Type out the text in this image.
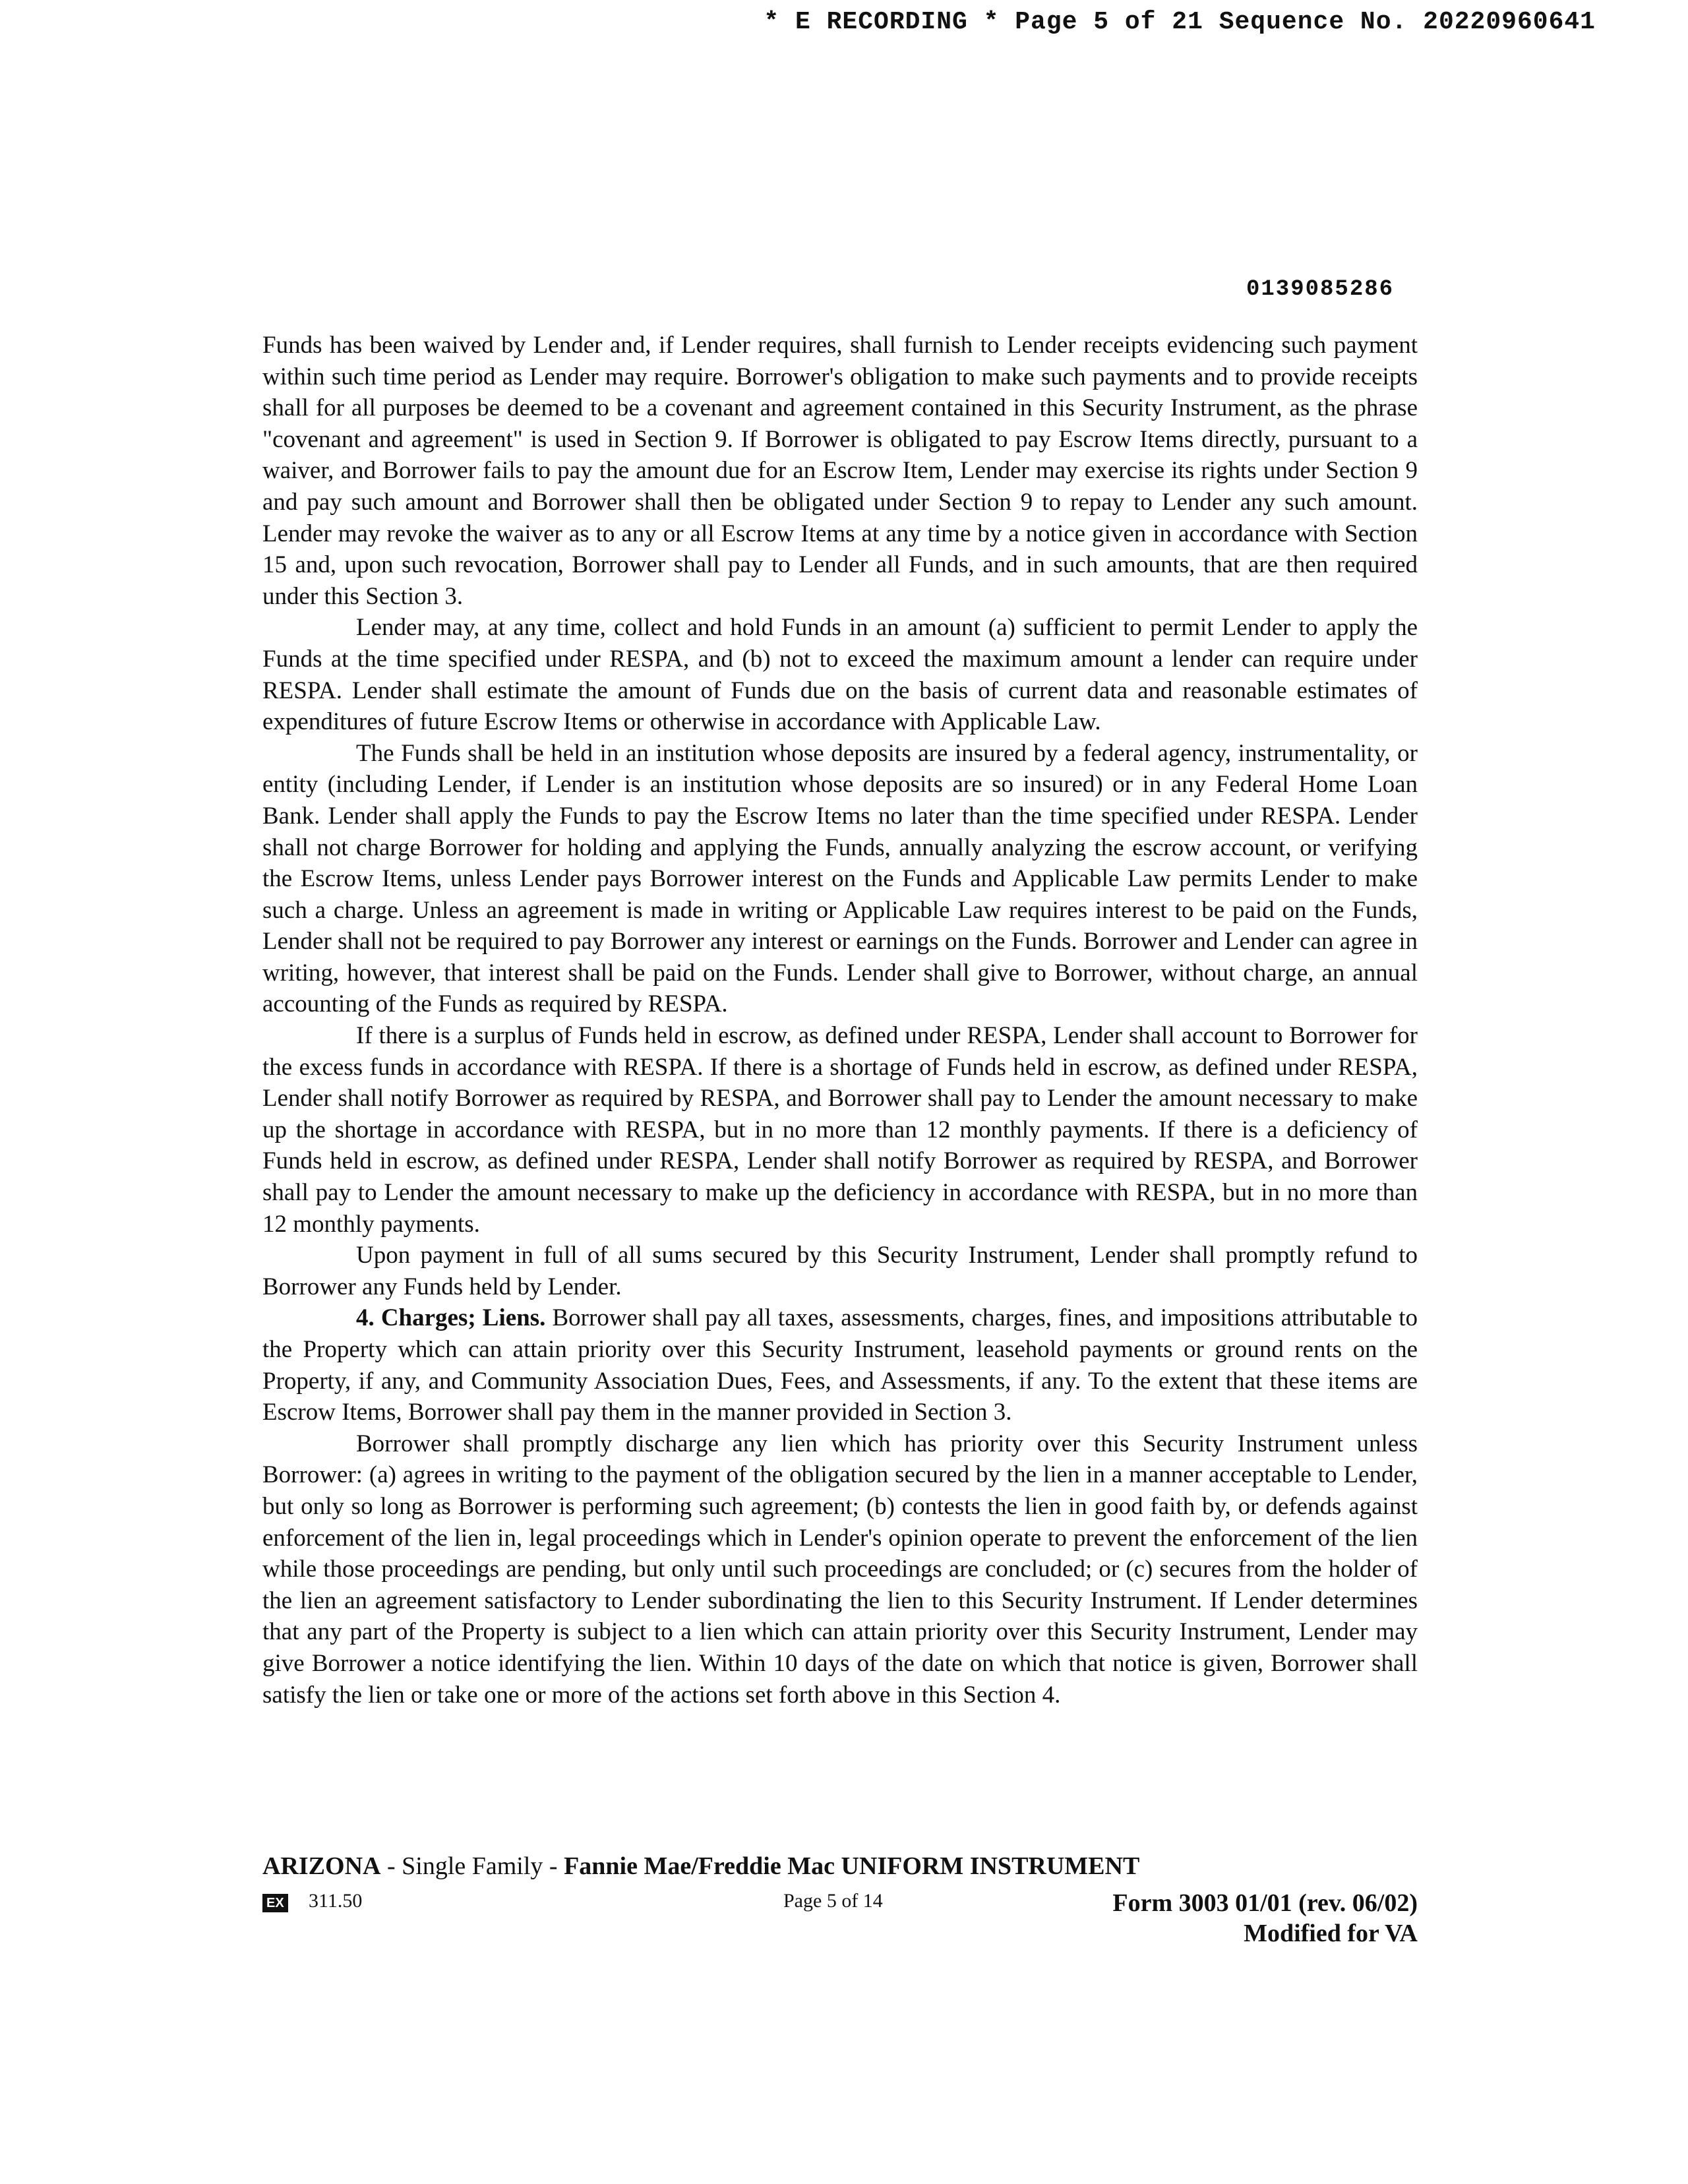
* E RECORDING * Page 5 of 21 Sequence No. 20220960641
0139085286

Funds has been waived by Lender and, if Lender requires, shall furnish to Lender receipts evidencing such payment within such time period as Lender may require. Borrower's obligation to make such payments and to provide receipts shall for all purposes be deemed to be a covenant and agreement contained in this Security Instrument, as the phrase "covenant and agreement" is used in Section 9. If Borrower is obligated to pay Escrow Items directly, pursuant to a waiver, and Borrower fails to pay the amount due for an Escrow Item, Lender may exercise its rights under Section 9 and pay such amount and Borrower shall then be obligated under Section 9 to repay to Lender any such amount. Lender may revoke the waiver as to any or all Escrow Items at any time by a notice given in accordance with Section 15 and, upon such revocation, Borrower shall pay to Lender all Funds, and in such amounts, that are then required under this Section 3.

Lender may, at any time, collect and hold Funds in an amount (a) sufficient to permit Lender to apply the Funds at the time specified under RESPA, and (b) not to exceed the maximum amount a lender can require under RESPA. Lender shall estimate the amount of Funds due on the basis of current data and reasonable estimates of expenditures of future Escrow Items or otherwise in accordance with Applicable Law.

The Funds shall be held in an institution whose deposits are insured by a federal agency, instrumentality, or entity (including Lender, if Lender is an institution whose deposits are so insured) or in any Federal Home Loan Bank. Lender shall apply the Funds to pay the Escrow Items no later than the time specified under RESPA. Lender shall not charge Borrower for holding and applying the Funds, annually analyzing the escrow account, or verifying the Escrow Items, unless Lender pays Borrower interest on the Funds and Applicable Law permits Lender to make such a charge. Unless an agreement is made in writing or Applicable Law requires interest to be paid on the Funds, Lender shall not be required to pay Borrower any interest or earnings on the Funds. Borrower and Lender can agree in writing, however, that interest shall be paid on the Funds. Lender shall give to Borrower, without charge, an annual accounting of the Funds as required by RESPA.

If there is a surplus of Funds held in escrow, as defined under RESPA, Lender shall account to Borrower for the excess funds in accordance with RESPA. If there is a shortage of Funds held in escrow, as defined under RESPA, Lender shall notify Borrower as required by RESPA, and Borrower shall pay to Lender the amount necessary to make up the shortage in accordance with RESPA, but in no more than 12 monthly payments. If there is a deficiency of Funds held in escrow, as defined under RESPA, Lender shall notify Borrower as required by RESPA, and Borrower shall pay to Lender the amount necessary to make up the deficiency in accordance with RESPA, but in no more than 12 monthly payments.

Upon payment in full of all sums secured by this Security Instrument, Lender shall promptly refund to Borrower any Funds held by Lender.

4. Charges; Liens. Borrower shall pay all taxes, assessments, charges, fines, and impositions attributable to the Property which can attain priority over this Security Instrument, leasehold payments or ground rents on the Property, if any, and Community Association Dues, Fees, and Assessments, if any. To the extent that these items are Escrow Items, Borrower shall pay them in the manner provided in Section 3.

Borrower shall promptly discharge any lien which has priority over this Security Instrument unless Borrower: (a) agrees in writing to the payment of the obligation secured by the lien in a manner acceptable to Lender, but only so long as Borrower is performing such agreement; (b) contests the lien in good faith by, or defends against enforcement of the lien in, legal proceedings which in Lender's opinion operate to prevent the enforcement of the lien while those proceedings are pending, but only until such proceedings are concluded; or (c) secures from the holder of the lien an agreement satisfactory to Lender subordinating the lien to this Security Instrument. If Lender determines that any part of the Property is subject to a lien which can attain priority over this Security Instrument, Lender may give Borrower a notice identifying the lien. Within 10 days of the date on which that notice is given, Borrower shall satisfy the lien or take one or more of the actions set forth above in this Section 4.

ARIZONA - Single Family - Fannie Mae/Freddie Mac UNIFORM INSTRUMENT
EX 311.50	Page 5 of 14	Form 3003 01/01 (rev. 06/02)
Modified for VA
